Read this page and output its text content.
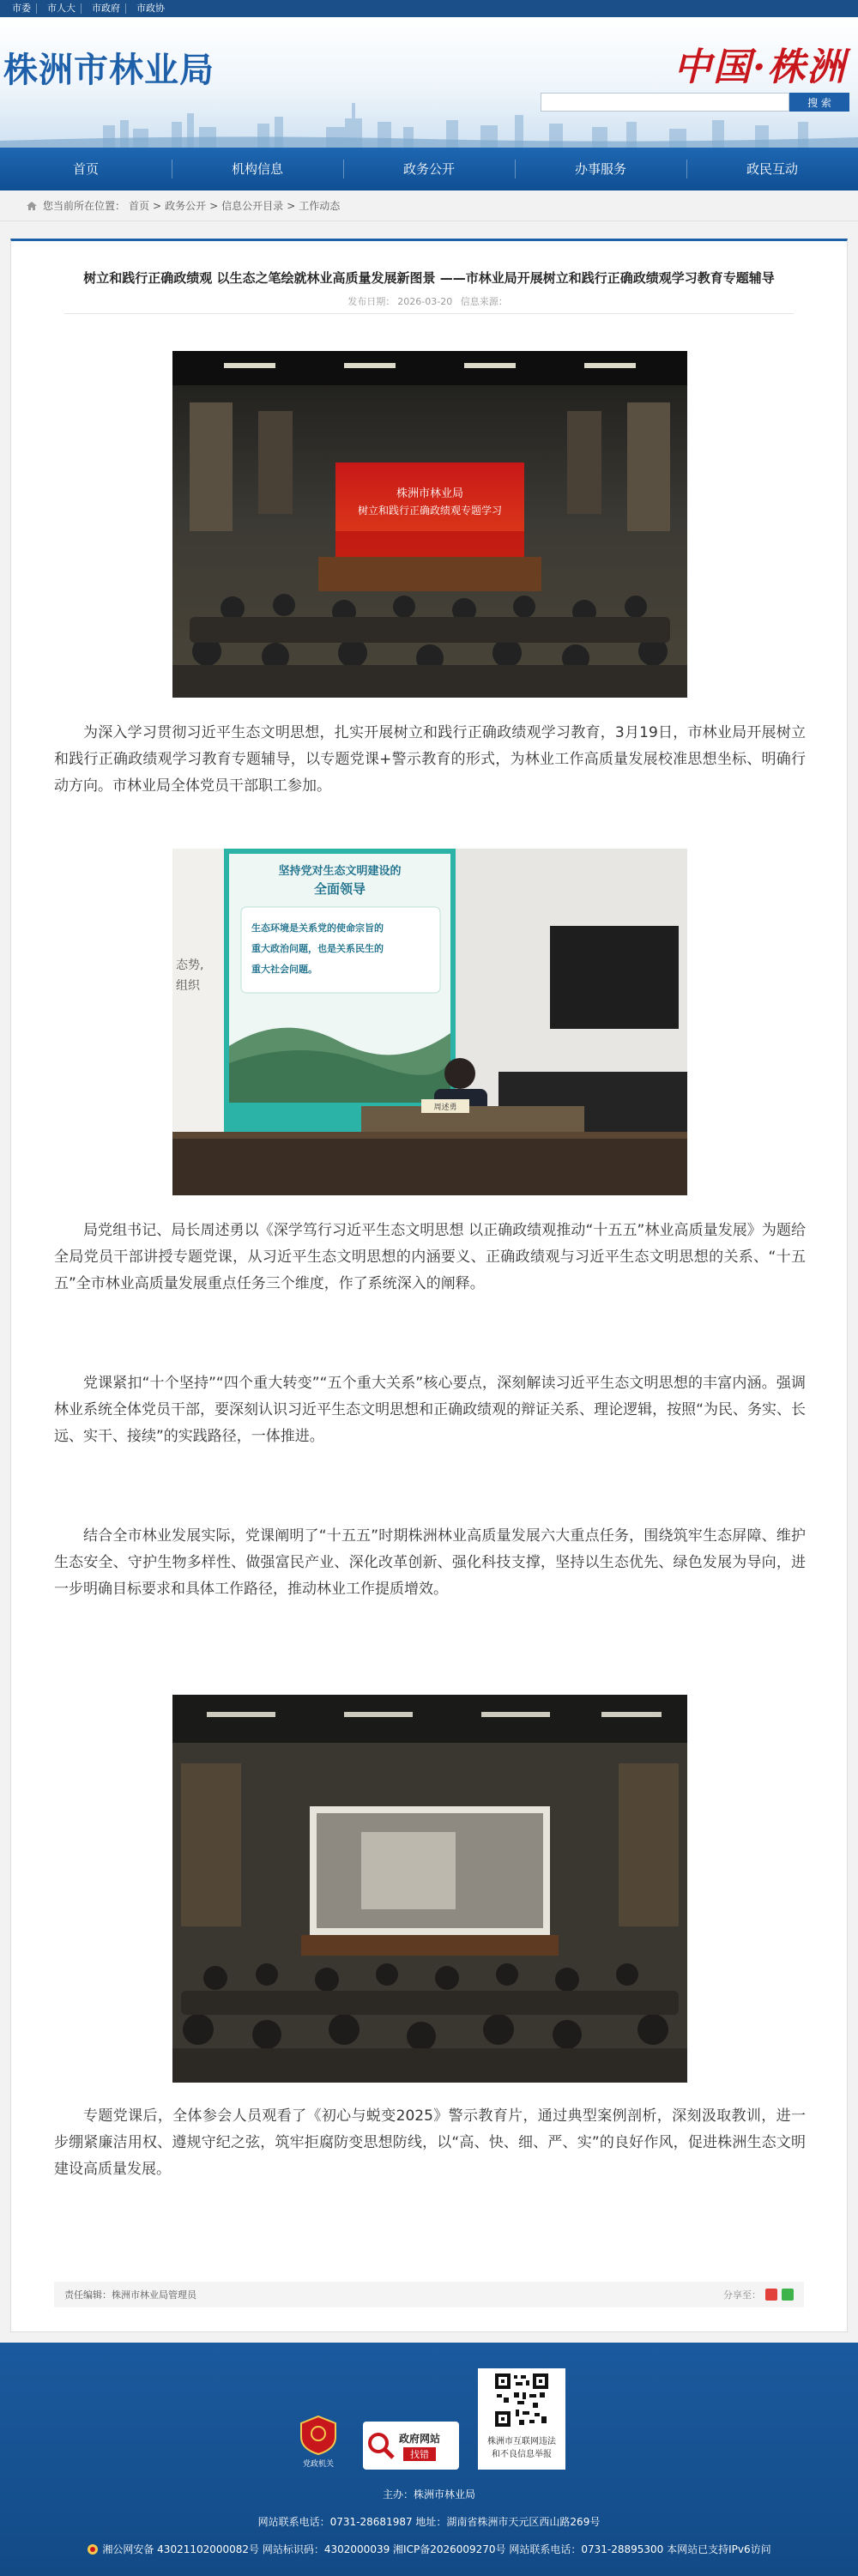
市委	市人大	市政府	市政协
株洲市林业局	中国·株洲
搜 索
首页	机构信息	政务公开	办事服务	政民互动
您当前所在位置： 首页 > 政务公开 > 信息公开目录 > 工作动态
树立和践行正确政绩观 以生态之笔绘就林业高质量发展新图景 ——市林业局开展树立和践行正确政绩观学习教育专题辅导
发布日期： 2026-03-20 信息来源：
株洲市林业局
树立和践行正确政绩观专题学习
为深入学习贯彻习近平生态文明思想，扎实开展树立和践行正确政绩观学习教育，3月19日，市林业局开展树立和践行正确政绩观学习教育专题辅导，以专题党课+警示教育的形式，为林业工作高质量发展校准思想坐标、明确行动方向。市林业局全体党员干部职工参加。
态势,
组织
坚持党对生态文明建设的
全面领导
生态环境是关系党的使命宗旨的
重大政治问题，也是关系民生的
重大社会问题。
周述勇
局党组书记、局长周述勇以《深学笃行习近平生态文明思想 以正确政绩观推动“十五五”林业高质量发展》为题给全局党员干部讲授专题党课，从习近平生态文明思想的内涵要义、正确政绩观与习近平生态文明思想的关系、“十五五”全市林业高质量发展重点任务三个维度，作了系统深入的阐释。
党课紧扣“十个坚持”“四个重大转变”“五个重大关系”核心要点，深刻解读习近平生态文明思想的丰富内涵。强调林业系统全体党员干部，要深刻认识习近平生态文明思想和正确政绩观的辩证关系、理论逻辑，按照“为民、务实、长远、实干、接续”的实践路径，一体推进。
结合全市林业发展实际，党课阐明了“十五五”时期株洲林业高质量发展六大重点任务，围绕筑牢生态屏障、维护生态安全、守护生物多样性、做强富民产业、深化改革创新、强化科技支撑，坚持以生态优先、绿色发展为导向，进一步明确目标要求和具体工作路径，推动林业工作提质增效。
专题党课后，全体参会人员观看了《初心与蜕变2025》警示教育片，通过典型案例剖析，深刻汲取教训，进一步绷紧廉洁用权、遵规守纪之弦，筑牢拒腐防变思想防线，以“高、快、细、严、实”的良好作风，促进株洲生态文明建设高质量发展。
责任编辑：株洲市林业局管理员	分享至：
党政机关
政府网站
找错
株洲市互联网违法
和不良信息举报
主办：株洲市林业局
网站联系电话：0731-28681987 地址：湖南省株洲市天元区西山路269号
湘公网安备 43021102000082号 网站标识码：4302000039 湘ICP备2026009270号 网站联系电话：0731-28895300 本网站已支持IPv6访问
